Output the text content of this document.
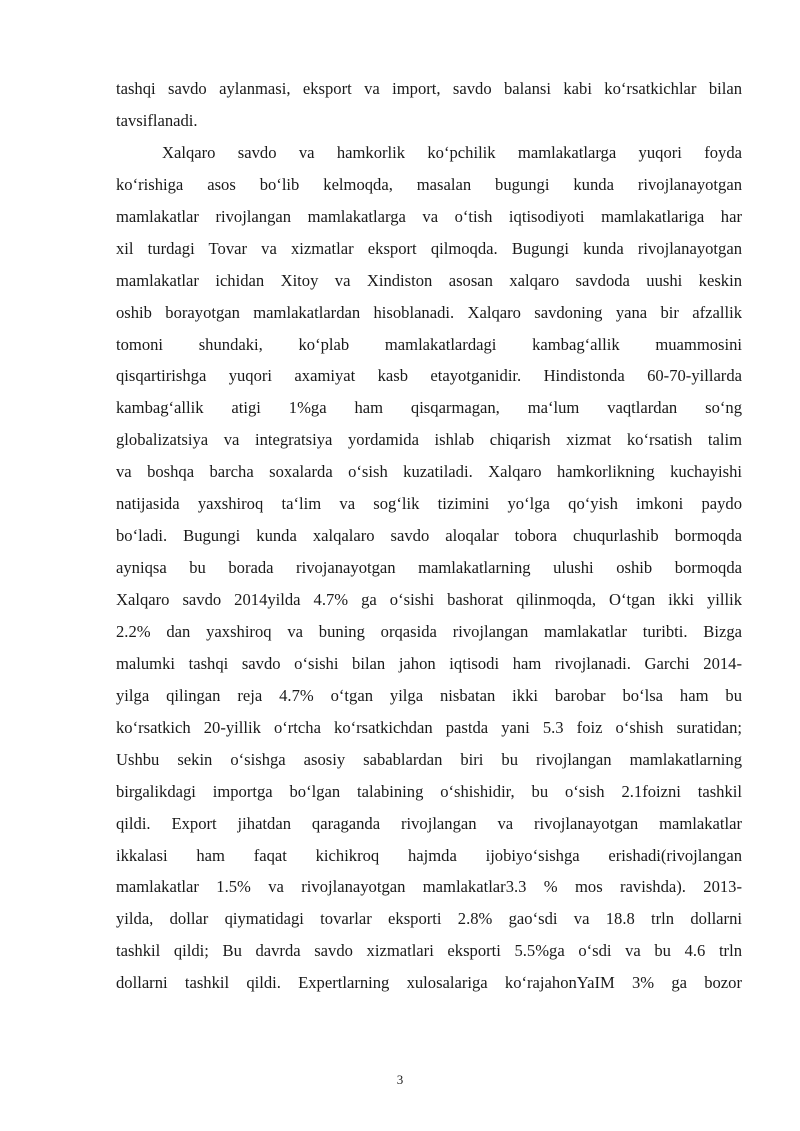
tashqi savdo aylanmasi, eksport va import, savdo balansi kabi ko‘rsatkichlar bilan
tavsiflanadi.
Xalqaro savdo va hamkorlik ko‘pchilik mamlakatlarga yuqori foyda
ko‘rishiga asos bo‘lib kelmoqda, masalan bugungi kunda rivojlanayotgan
mamlakatlar rivojlangan mamlakatlarga va o‘tish iqtisodiyoti mamlakatlariga har
xil turdagi Tovar va xizmatlar eksport qilmoqda. Bugungi kunda rivojlanayotgan
mamlakatlar ichidan Xitoy va Xindiston asosan xalqaro savdoda uushi keskin
oshib borayotgan mamlakatlardan hisoblanadi. Xalqaro savdoning yana bir afzallik
tomoni shundaki, ko‘plab mamlakatlardagi kambag‘allik muammosini
qisqartirishga yuqori axamiyat kasb etayotganidir. Hindistonda 60-70-yillarda
kambag‘allik atigi 1%ga ham qisqarmagan, ma‘lum vaqtlardan so‘ng
globalizatsiya va integratsiya yordamida ishlab chiqarish xizmat ko‘rsatish talim
va boshqa barcha soxalarda o‘sish kuzatiladi. Xalqaro hamkorlikning kuchayishi
natijasida yaxshiroq ta‘lim va sog‘lik tizimini yo‘lga qo‘yish imkoni paydo
bo‘ladi. Bugungi kunda xalqalaro savdo aloqalar tobora chuqurlashib bormoqda
ayniqsa bu borada rivojanayotgan mamlakatlarning ulushi oshib bormoqda
Xalqaro savdo 2014yilda 4.7% ga o‘sishi bashorat qilinmoqda, O‘tgan ikki yillik
2.2% dan yaxshiroq va buning orqasida rivojlangan mamlakatlar turibti. Bizga
malumki tashqi savdo o‘sishi bilan jahon iqtisodi ham rivojlanadi. Garchi 2014-
yilga qilingan reja 4.7% o‘tgan yilga nisbatan ikki barobar bo‘lsa ham bu
ko‘rsatkich 20-yillik o‘rtcha ko‘rsatkichdan pastda yani 5.3 foiz o‘shish suratidan;
Ushbu sekin o‘sishga asosiy sabablardan biri bu rivojlangan mamlakatlarning
birgalikdagi importga bo‘lgan talabining o‘shishidir, bu o‘sish 2.1foizni tashkil
qildi. Export jihatdan qaraganda rivojlangan va rivojlanayotgan mamlakatlar
ikkalasi ham faqat kichikroq hajmda ijobiyo‘sishga erishadi(rivojlangan
mamlakatlar 1.5% va rivojlanayotgan mamlakatlar3.3 % mos ravishda). 2013-
yilda, dollar qiymatidagi tovarlar eksporti 2.8% gao‘sdi va 18.8 trln dollarni
tashkil qildi; Bu davrda savdo xizmatlari eksporti 5.5%ga o‘sdi va bu 4.6 trln
dollarni tashkil qildi. Expertlarning xulosalariga ko‘rajahonYaIM 3% ga bozor
3
